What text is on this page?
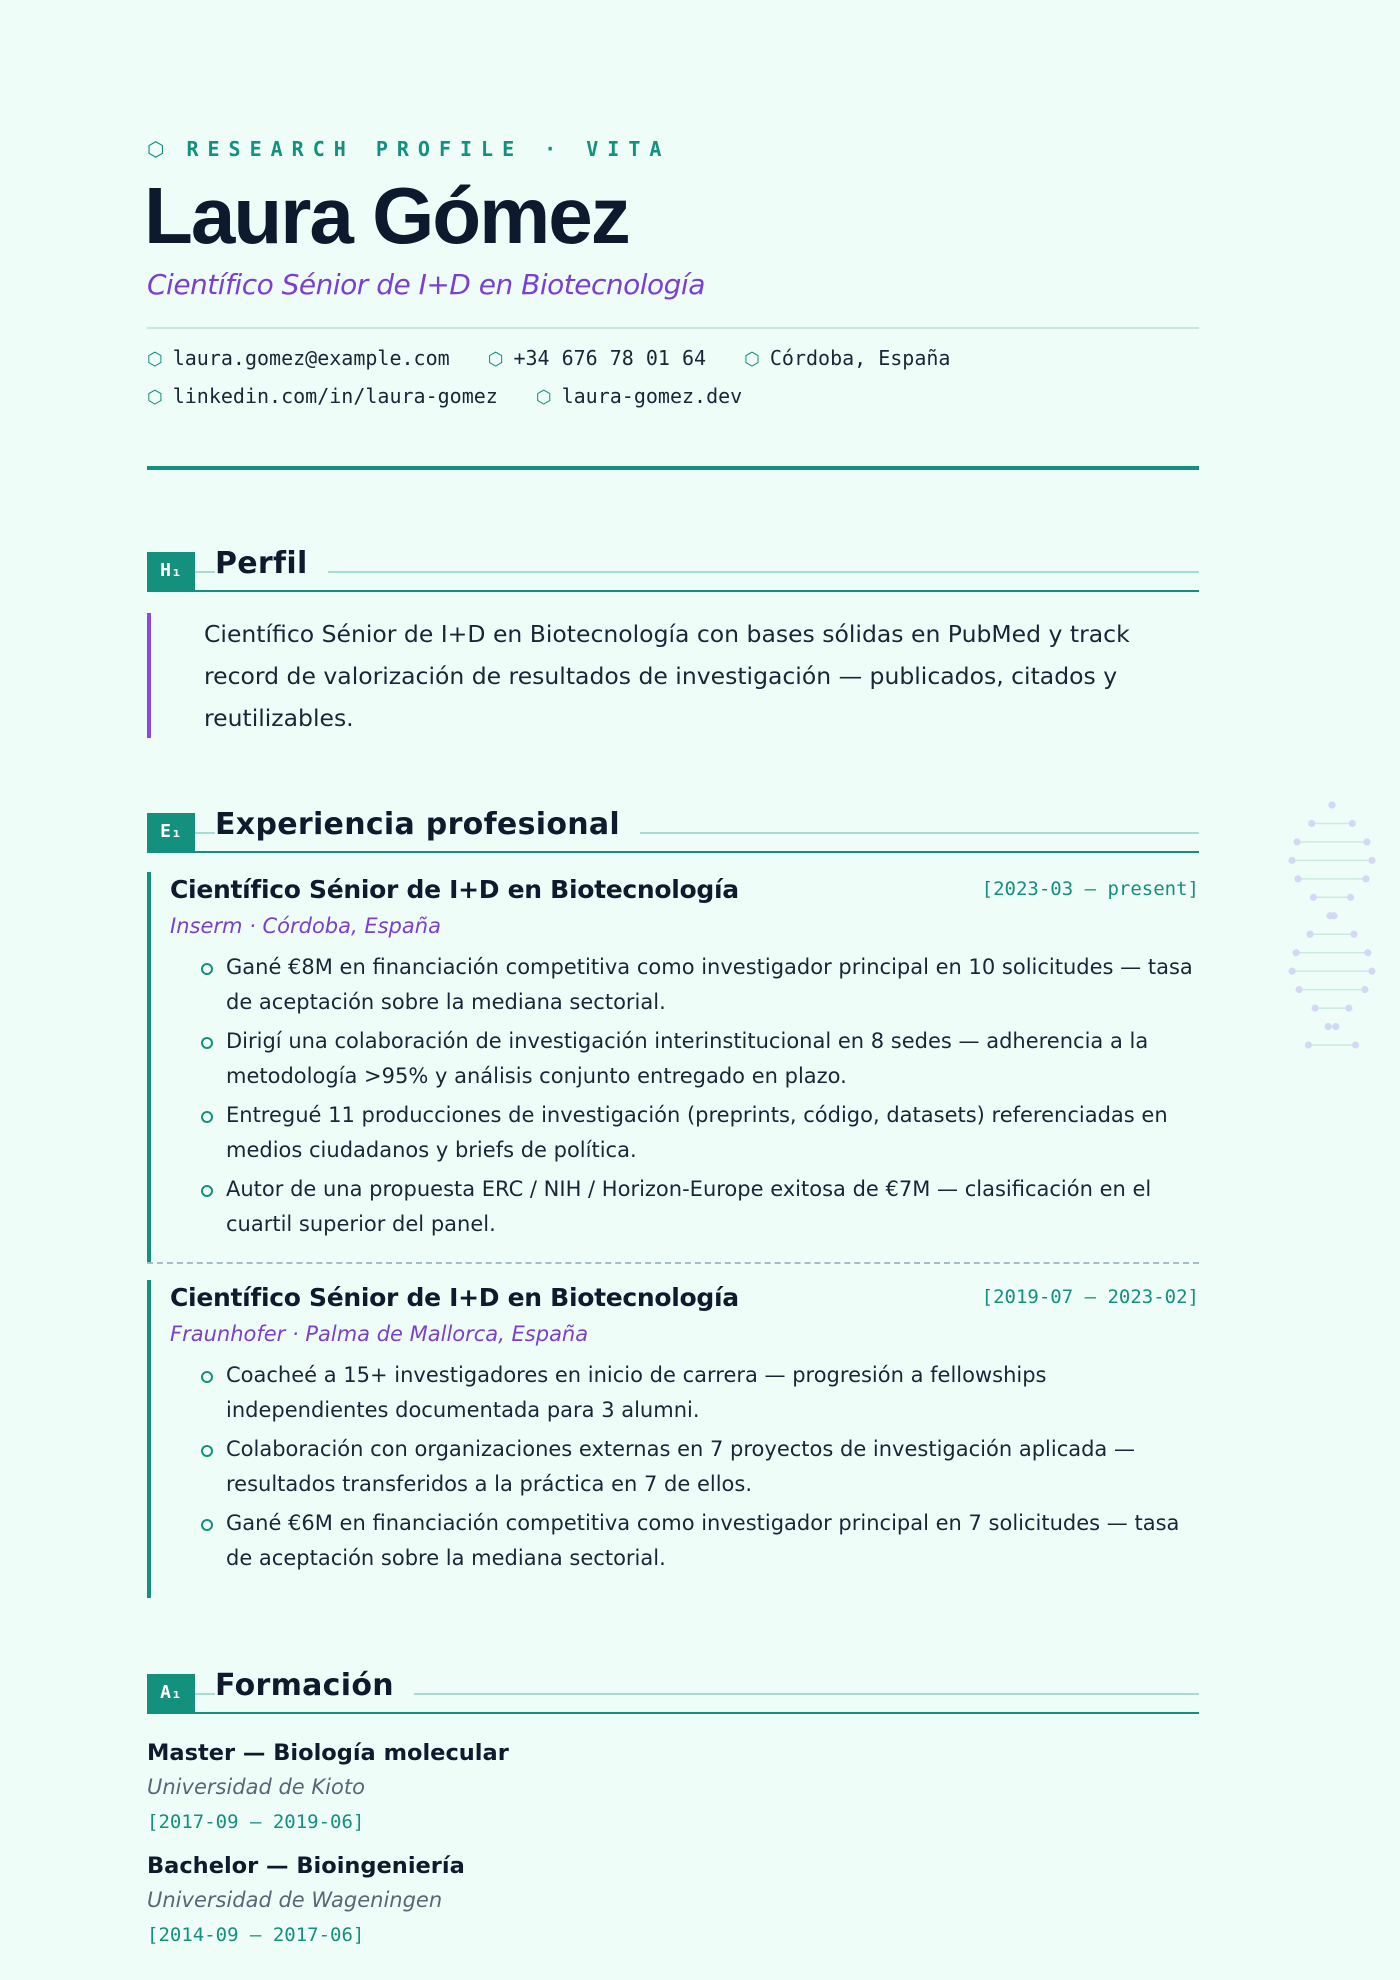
⬡ RESEARCH PROFILE · VITA
Laura Gómez
Científico Sénior de I+D en Biotecnología
⬡ laura.gomez@example.com ⬡ +34 676 78 01 64 ⬡ Córdoba, España
⬡ linkedin.com/in/laura-gomez ⬡ laura-gomez.dev
H₁	Perfil
Científico Sénior de I+D en Biotecnología con bases sólidas en PubMed y track record de valorización de resultados de investigación — publicados, citados y reutilizables.
E₁	Experiencia profesional
Científico Sénior de I+D en Biotecnología	[2023-03 — present]
Inserm · Córdoba, España
Gané €8M en financiación competitiva como investigador principal en 10 solicitudes — tasa de aceptación sobre la mediana sectorial.
Dirigí una colaboración de investigación interinstitucional en 8 sedes — adherencia a la metodología >95% y análisis conjunto entregado en plazo.
Entregué 11 producciones de investigación (preprints, código, datasets) referenciadas en medios ciudadanos y briefs de política.
Autor de una propuesta ERC / NIH / Horizon-Europe exitosa de €7M — clasificación en el cuartil superior del panel.
Científico Sénior de I+D en Biotecnología	[2019-07 — 2023-02]
Fraunhofer · Palma de Mallorca, España
Coacheé a 15+ investigadores en inicio de carrera — progresión a fellowships independientes documentada para 3 alumni.
Colaboración con organizaciones externas en 7 proyectos de investigación aplicada — resultados transferidos a la práctica en 7 de ellos.
Gané €6M en financiación competitiva como investigador principal en 7 solicitudes — tasa de aceptación sobre la mediana sectorial.
A₁	Formación
Master — Biología molecular
Universidad de Kioto
[2017-09 – 2019-06]
Bachelor — Bioingeniería
Universidad de Wageningen
[2014-09 – 2017-06]
